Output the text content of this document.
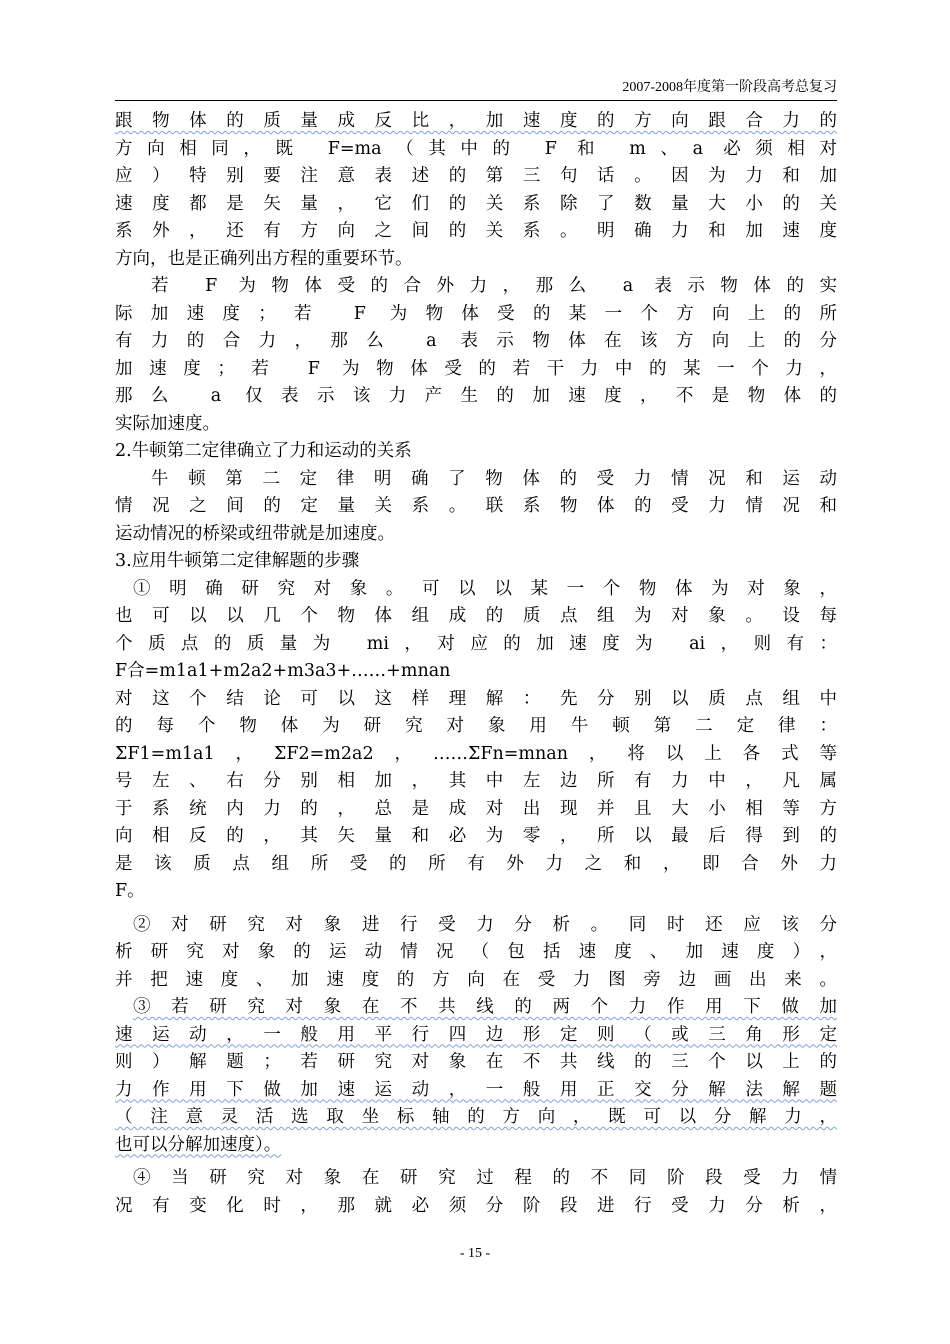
2007-2008年度第一阶段高考总复习
跟物体的质量成反比，加速度的方向跟合力的
方向相同，既 F=ma（其中的 F 和 m、a 必须相对
应）特别要注意表述的第三句话。因为力和加
速度都是矢量，它们的关系除了数量大小的关
系外，还有方向之间的关系。明确力和加速度
方向，也是正确列出方程的重要环节。
若 F 为物体受的合外力，那么 a 表示物体的实
际加速度；若 F 为物体受的某一个方向上的所
有力的合力，那么 a 表示物体在该方向上的分
加速度；若 F 为物体受的若干力中的某一个力，
那么 a 仅表示该力产生的加速度，不是物体的
实际加速度。
2.牛顿第二定律确立了力和运动的关系
牛顿第二定律明确了物体的受力情况和运动
情况之间的定量关系。联系物体的受力情况和
运动情况的桥梁或纽带就是加速度。
3.应用牛顿第二定律解题的步骤
①明确研究对象。可以以某一个物体为对象，
也可以以几个物体组成的质点组为对象。设每
个质点的质量为 mi，对应的加速度为 ai，则有：
F合=m1a1+m2a2+m3a3+……+mnan
对这个结论可以这样理解：先分别以质点组中
的每个物体为研究对象用牛顿第二定律：
ΣF1=m1a1，ΣF2=m2a2，……ΣFn=mnan，将以上各式等
号左、右分别相加，其中左边所有力中，凡属
于系统内力的，总是成对出现并且大小相等方
向相反的，其矢量和必为零，所以最后得到的
是该质点组所受的所有外力之和，即合外力
F。
②对研究对象进行受力分析。同时还应该分
析研究对象的运动情况（包括速度、加速度），
并把速度、加速度的方向在受力图旁边画出来。
③若研究对象在不共线的两个力作用下做加
速运动，一般用平行四边形定则（或三角形定
则）解题；若研究对象在不共线的三个以上的
力作用下做加速运动，一般用正交分解法解题
（注意灵活选取坐标轴的方向，既可以分解力，
也可以分解加速度）。
④当研究对象在研究过程的不同阶段受力情
况有变化时，那就必须分阶段进行受力分析，
- 15 -
